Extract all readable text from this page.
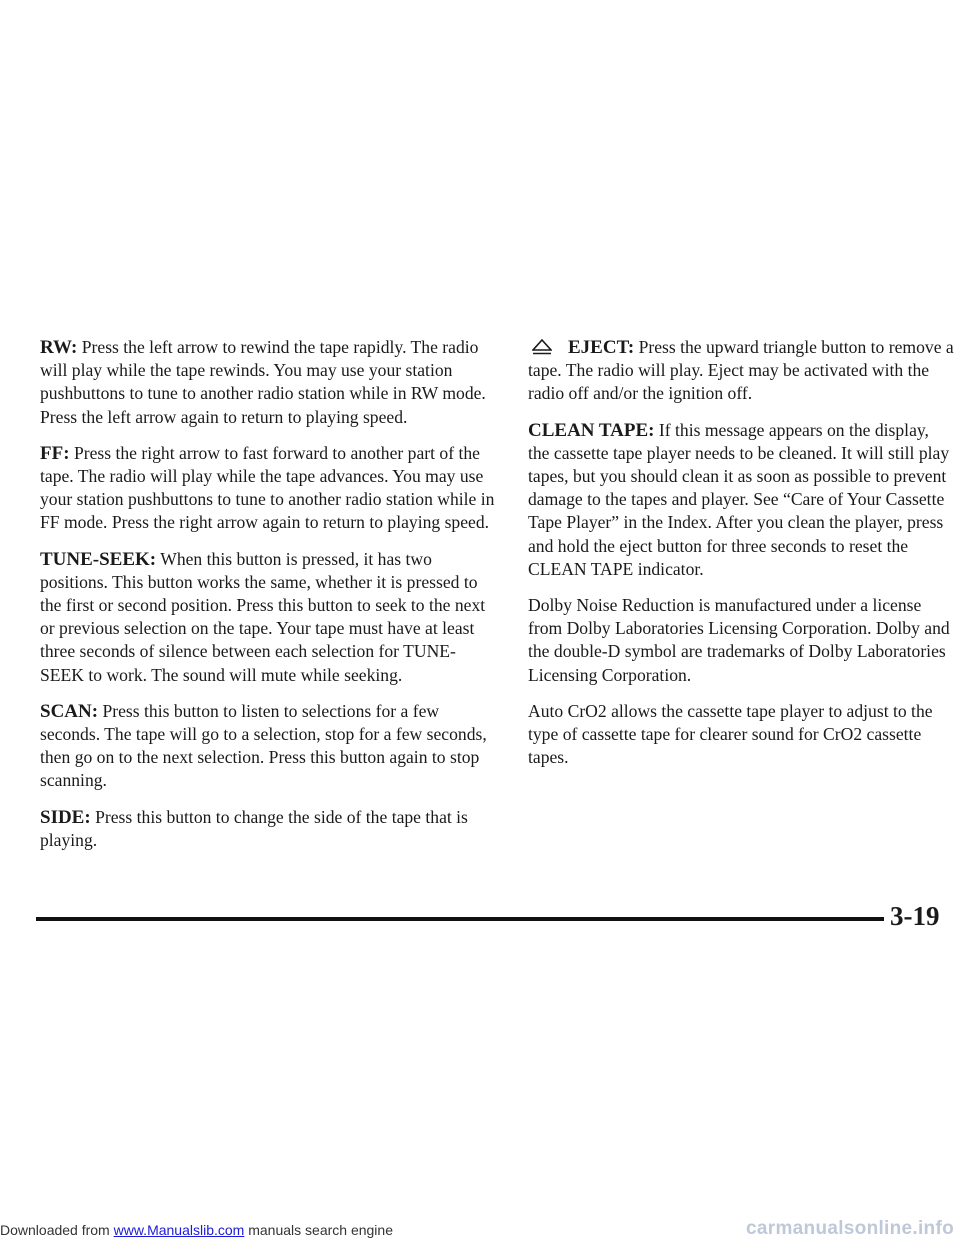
RW: Press the left arrow to rewind the tape rapidly. The radio will play while the tape rewinds. You may use your station pushbuttons to tune to another radio station while in RW mode. Press the left arrow again to return to playing speed.

FF: Press the right arrow to fast forward to another part of the tape. The radio will play while the tape advances. You may use your station pushbuttons to tune to another radio station while in FF mode. Press the right arrow again to return to playing speed.

TUNE-SEEK: When this button is pressed, it has two positions. This button works the same, whether it is pressed to the first or second position. Press this button to seek to the next or previous selection on the tape. Your tape must have at least three seconds of silence between each selection for TUNE-SEEK to work. The sound will mute while seeking.

SCAN: Press this button to listen to selections for a few seconds. The tape will go to a selection, stop for a few seconds, then go on to the next selection. Press this button again to stop scanning.

SIDE: Press this button to change the side of the tape that is playing.

EJECT: Press the upward triangle button to remove a tape. The radio will play. Eject may be activated with the radio off and/or the ignition off.

CLEAN TAPE: If this message appears on the display, the cassette tape player needs to be cleaned. It will still play tapes, but you should clean it as soon as possible to prevent damage to the tapes and player. See “Care of Your Cassette Tape Player” in the Index. After you clean the player, press and hold the eject button for three seconds to reset the CLEAN TAPE indicator.

Dolby Noise Reduction is manufactured under a license from Dolby Laboratories Licensing Corporation. Dolby and the double-D symbol are trademarks of Dolby Laboratories Licensing Corporation.

Auto CrO2 allows the cassette tape player to adjust to the type of cassette tape for clearer sound for CrO2 cassette tapes.

3-19
Downloaded from www.Manualslib.com manuals search engine	carmanualsonline.info
